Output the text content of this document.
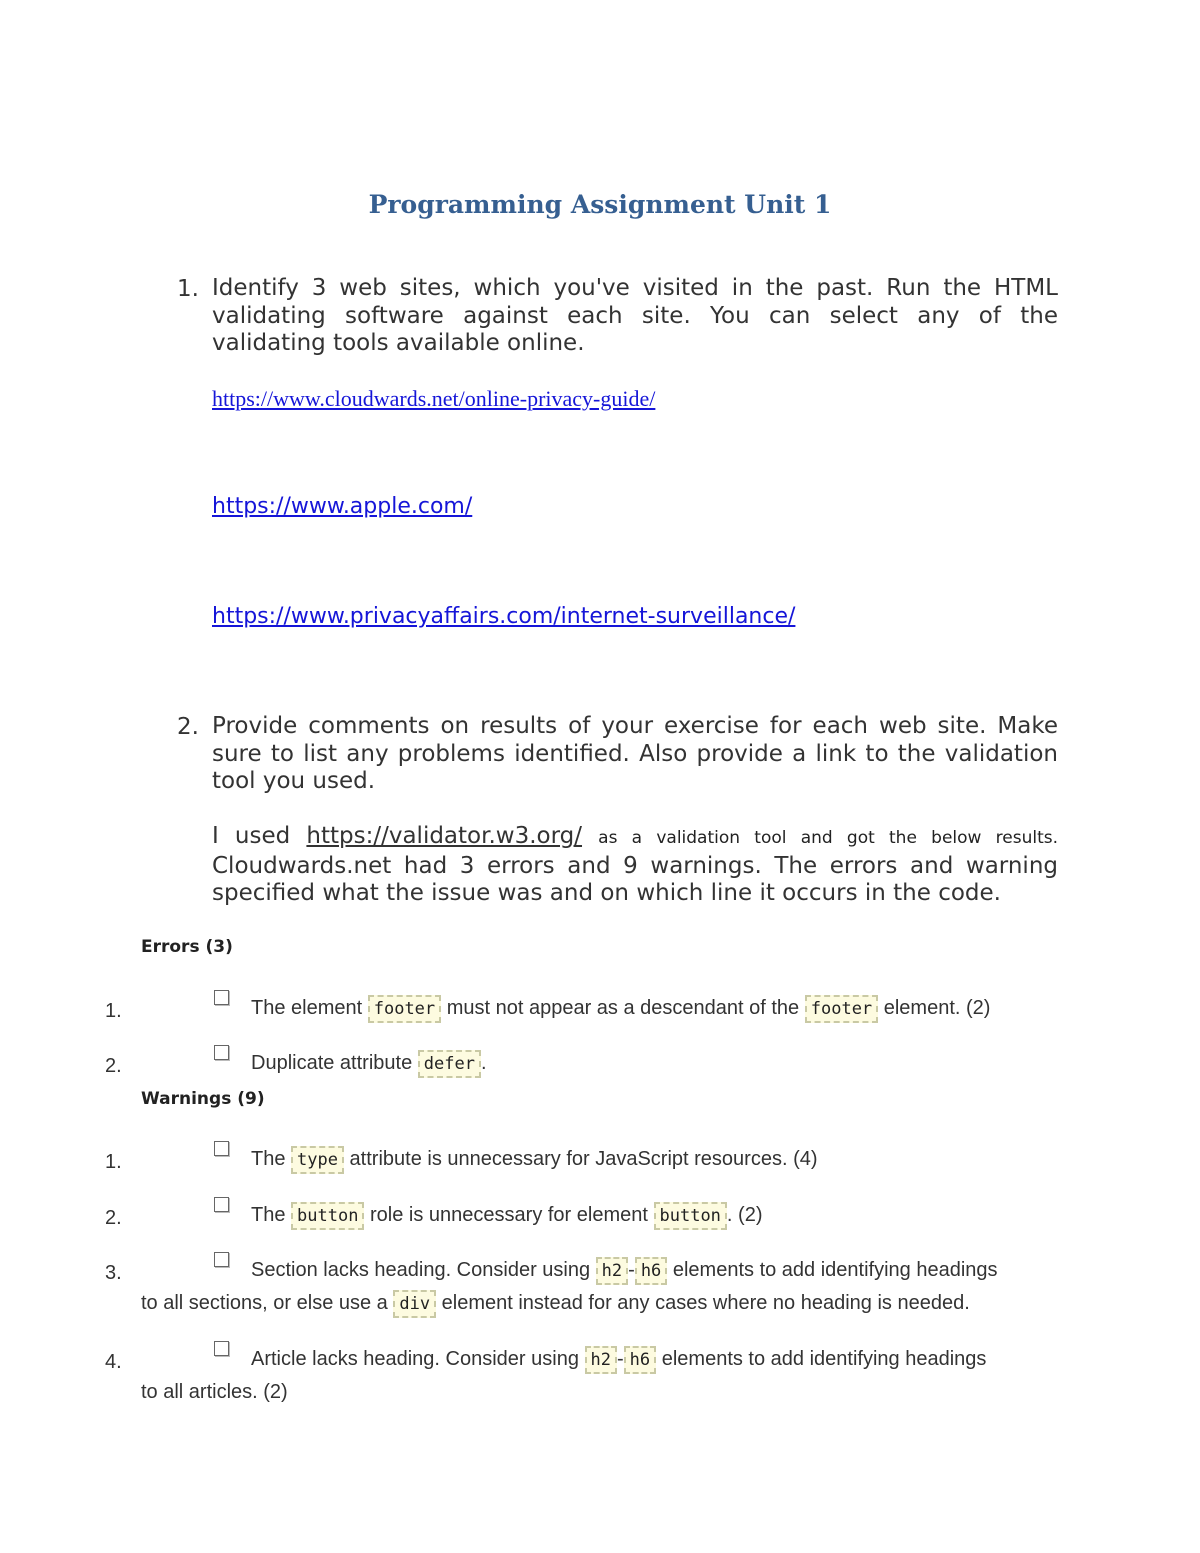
Programming Assignment Unit 1
1. Identify 3 web sites, which you've visited in the past. Run the HTML validating software against each site. You can select any of the validating tools available online.
https://www.cloudwards.net/online-privacy-guide/
https://www.apple.com/
https://www.privacyaffairs.com/internet-surveillance/
2. Provide comments on results of your exercise for each web site. Make sure to list any problems identified. Also provide a link to the validation tool you used.
I used https://validator.w3.org/ as a validation tool and got the below results.
Cloudwards.net had 3 errors and 9 warnings. The errors and warning specified what the issue was and on which line it occurs in the code.
Errors (3)
1.	The element footer must not appear as a descendant of the footer element. (2)
2.	Duplicate attribute defer .
Warnings (9)
1.	The type attribute is unnecessary for JavaScript resources. (4)
2.	The button role is unnecessary for element button . (2)
3.	Section lacks heading. Consider using h2 - h6 elements to add identifying headings
to all sections, or else use a div element instead for any cases where no heading is needed.
4.	Article lacks heading. Consider using h2 - h6 elements to add identifying headings
to all articles. (2)
